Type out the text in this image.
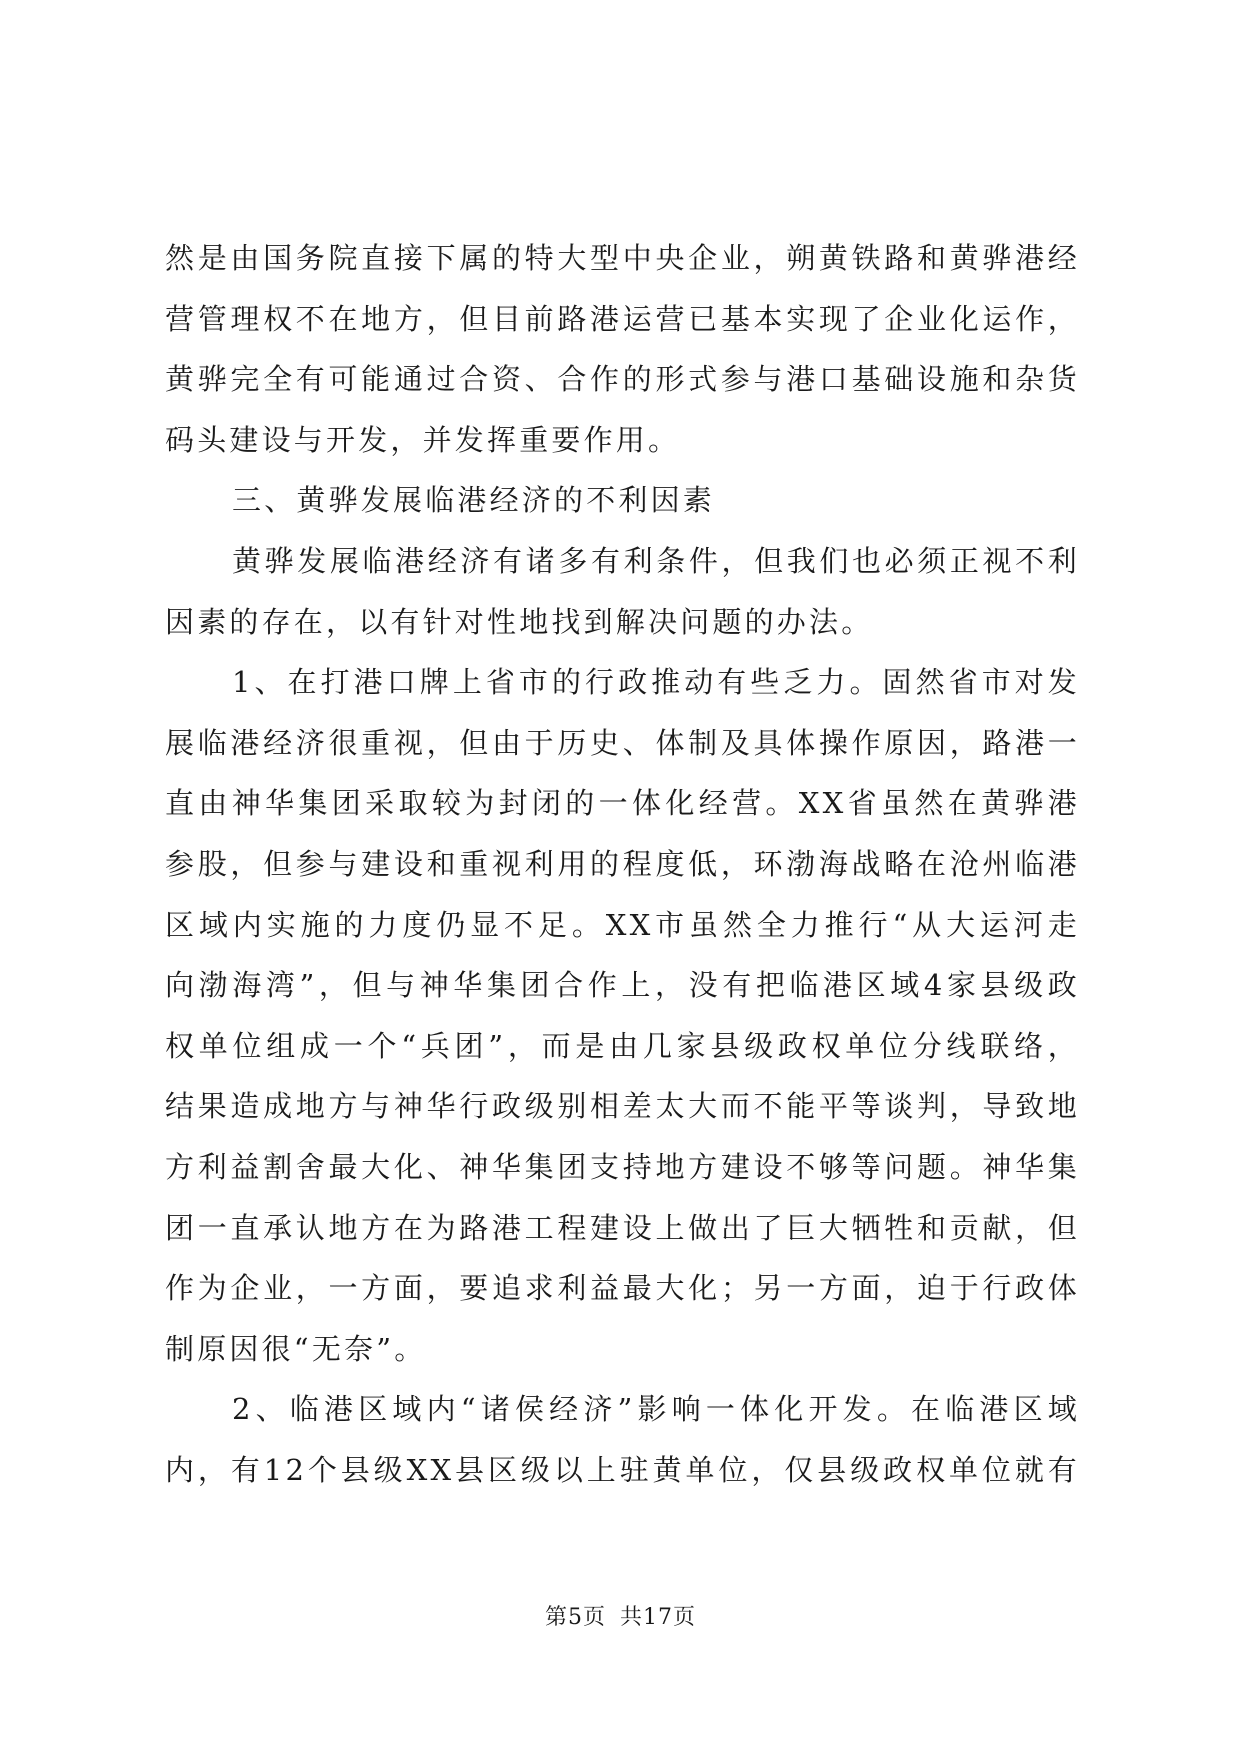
然是由国务院直接下属的特大型中央企业，朔黄铁路和黄骅港经
营管理权不在地方，但目前路港运营已基本实现了企业化运作，
黄骅完全有可能通过合资、合作的形式参与港口基础设施和杂货
码头建设与开发，并发挥重要作用。
三、黄骅发展临港经济的不利因素
黄骅发展临港经济有诸多有利条件，但我们也必须正视不利
因素的存在，以有针对性地找到解决问题的办法。
1、在打港口牌上省市的行政推动有些乏力。固然省市对发
展临港经济很重视，但由于历史、体制及具体操作原因，路港一
直由神华集团采取较为封闭的一体化经营。XX省虽然在黄骅港
参股，但参与建设和重视利用的程度低，环渤海战略在沧州临港
区域内实施的力度仍显不足。XX市虽然全力推行“从大运河走
向渤海湾”，但与神华集团合作上，没有把临港区域4家县级政
权单位组成一个“兵团”，而是由几家县级政权单位分线联络，
结果造成地方与神华行政级别相差太大而不能平等谈判，导致地
方利益割舍最大化、神华集团支持地方建设不够等问题。神华集
团一直承认地方在为路港工程建设上做出了巨大牺牲和贡献，但
作为企业，一方面，要追求利益最大化；另一方面，迫于行政体
制原因很“无奈”。
2、临港区域内“诸侯经济”影响一体化开发。在临港区域
内，有12个县级XX县区级以上驻黄单位，仅县级政权单位就有
第5页 共17页
